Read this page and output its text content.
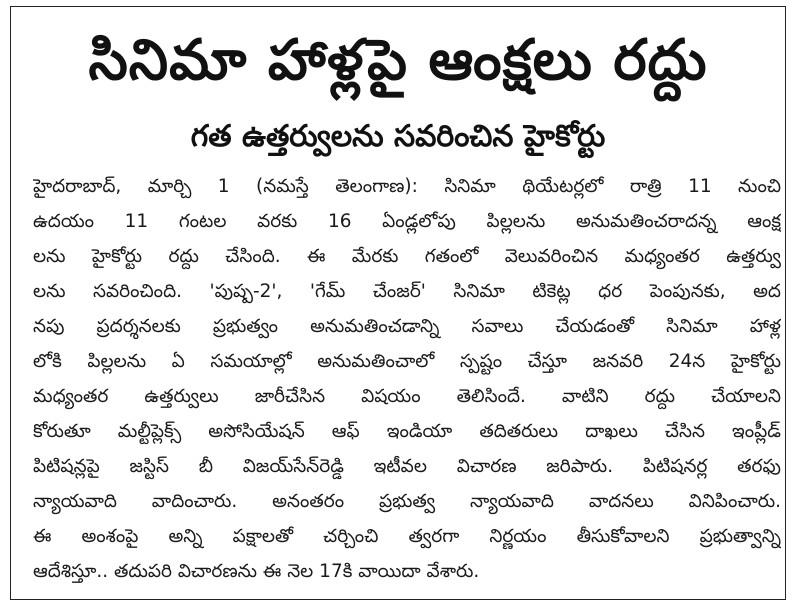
సినిమా హాళ్లపై ఆంక్షలు రద్దు
గత ఉత్తర్వులను సవరించిన హైకోర్టు
హైదరాబాద్, మార్చి 1 (నమస్తే తెలంగాణ): సినిమా థియేటర్లలో రాత్రి 11 నుంచి
ఉదయం 11 గంటల వరకు 16 ఏండ్లలోపు పిల్లలను అనుమతించరాదన్న ఆంక్ష
లను హైకోర్టు రద్దు చేసింది. ఈ మేరకు గతంలో వెలువరించిన మధ్యంతర ఉత్తర్వు
లను సవరించింది. 'పుష్ప-2', 'గేమ్ చేంజర్' సినిమా టికెట్ల ధర పెంపునకు, అద
నపు ప్రదర్శనలకు ప్రభుత్వం అనుమతించడాన్ని సవాలు చేయడంతో సినిమా హాళ్ల
లోకి పిల్లలను ఏ సమయాల్లో అనుమతించాలో స్పష్టం చేస్తూ జనవరి 24న హైకోర్టు
మధ్యంతర ఉత్తర్వులు జారీచేసిన విషయం తెలిసిందే. వాటిని రద్దు చేయాలని
కోరుతూ మల్టీప్లెక్స్ అసోసియేషన్ ఆఫ్ ఇండియా తదితరులు దాఖలు చేసిన ఇంప్లీడ్
పిటిషన్లపై జస్టిస్ బీ విజయ్‌సేన్‌రెడ్డి ఇటీవల విచారణ జరిపారు. పిటిషనర్ల తరఫు
న్యాయవాది వాదించారు. అనంతరం ప్రభుత్వ న్యాయవాది వాదనలు వినిపించారు.
ఈ అంశంపై అన్ని పక్షాలతో చర్చించి త్వరగా నిర్ణయం తీసుకోవాలని ప్రభుత్వాన్ని
ఆదేశిస్తూ.. తదుపరి విచారణను ఈ నెల 17కి వాయిదా వేశారు.
